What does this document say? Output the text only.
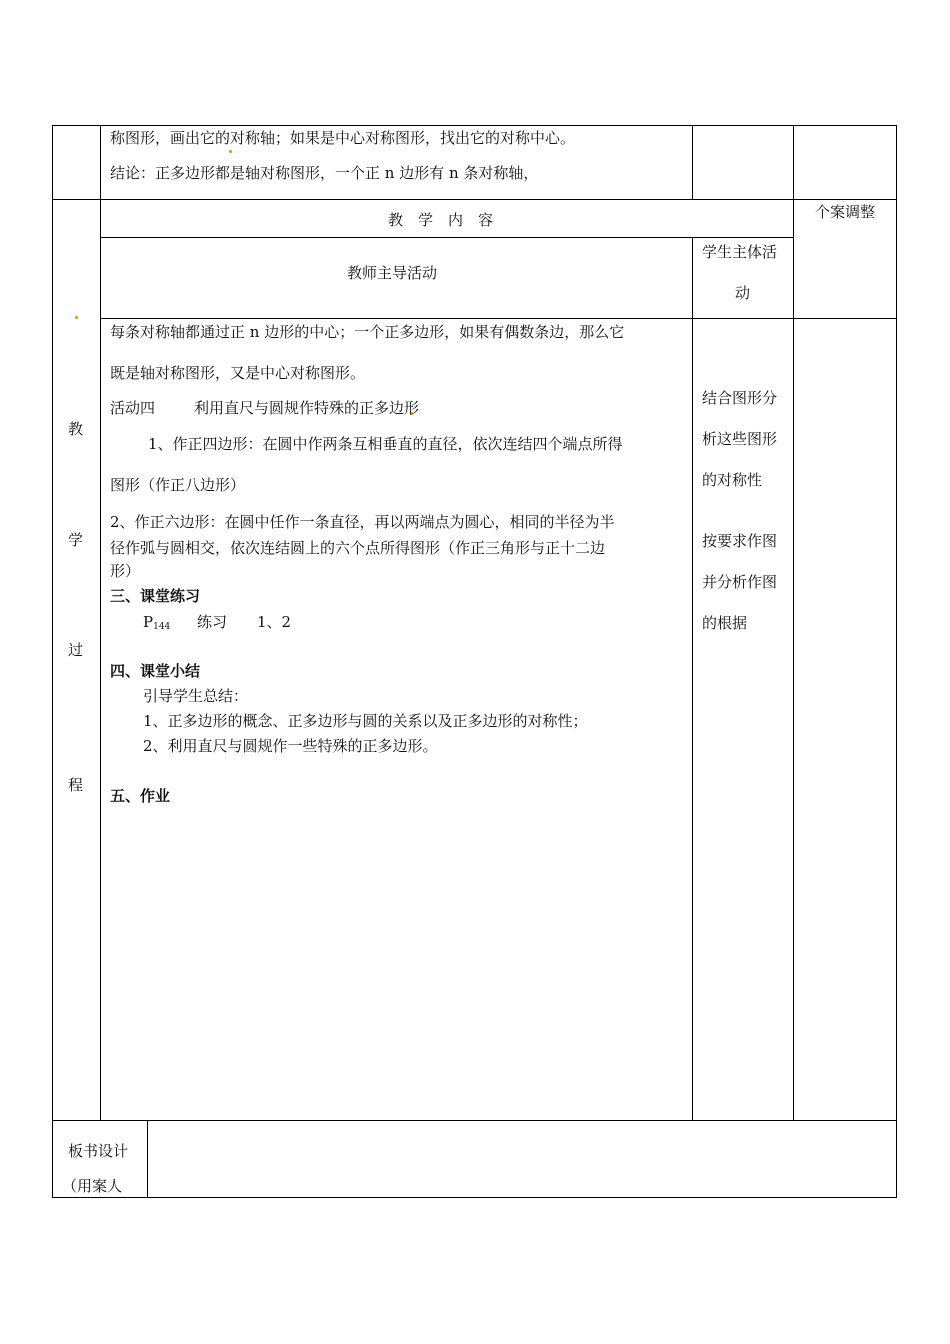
称图形，画出它的对称轴；如果是中心对称图形，找出它的对称中心。
结论：正多边形都是轴对称图形，一个正 n 边形有 n 条对称轴，
教　学　内　容	个案调整
教师主导活动
学生主体活
动
教
学
过
程
每条对称轴都通过正 n 边形的中心；一个正多边形，如果有偶数条边，那么它
既是轴对称图形，又是中心对称图形。
活动四	利用直尺与圆规作特殊的正多边形
1、作正四边形：在圆中作两条互相垂直的直径，依次连结四个端点所得
图形（作正八边形）
2、作正六边形：在圆中任作一条直径，再以两端点为圆心，相同的半径为半
径作弧与圆相交，依次连结圆上的六个点所得图形（作正三角形与正十二边
形）
三、课堂练习
$P_{144}$ 练习 1、2
四、课堂小结
引导学生总结：
1、正多边形的概念、正多边形与圆的关系以及正多边形的对称性；
2、利用直尺与圆规作一些特殊的正多边形。
五、作业
结合图形分
析这些图形
的对称性
按要求作图
并分析作图
的根据
板书设计
（用案人
